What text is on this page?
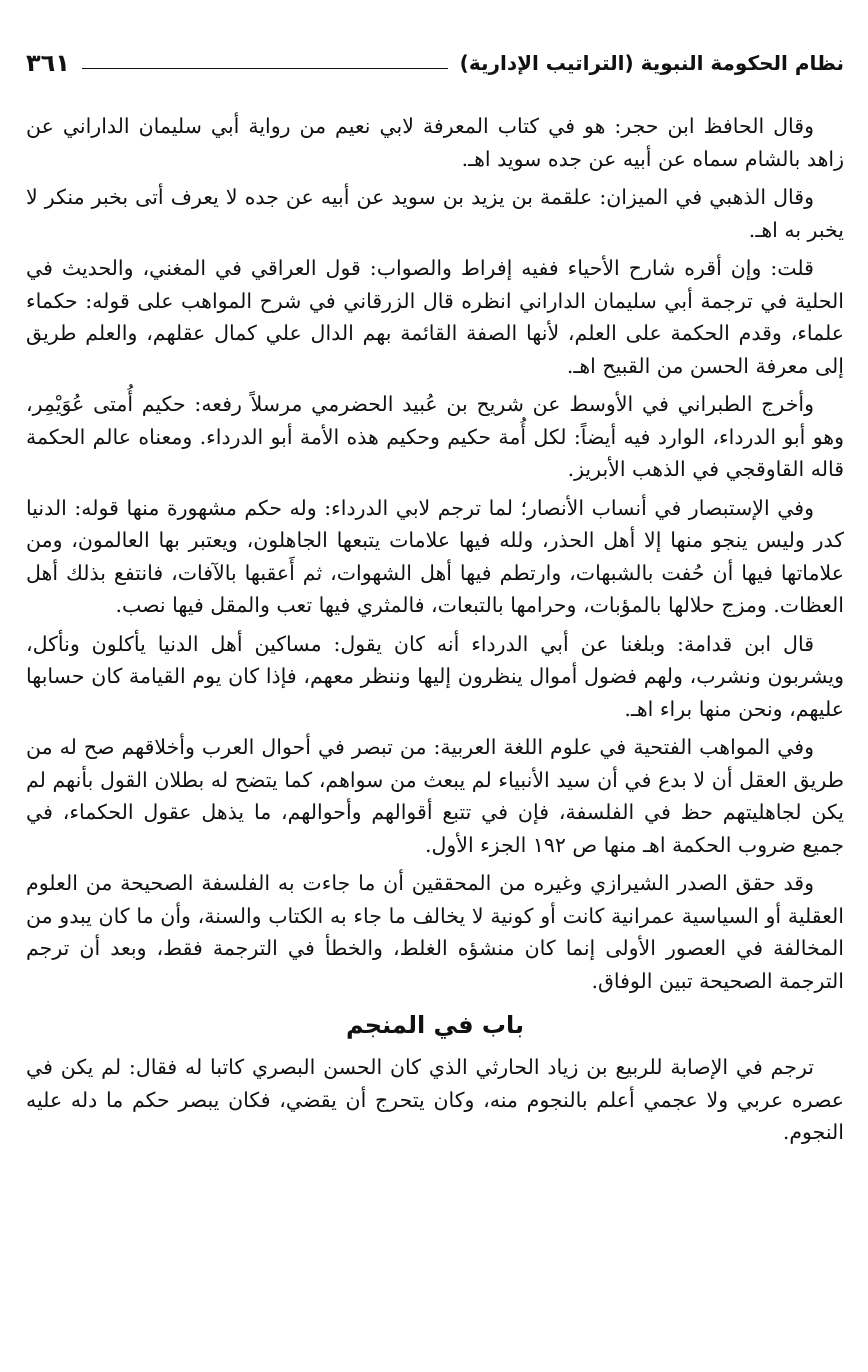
نظام الحكومة النبوية (التراتيب الإدارية)
٣٦١

وقال الحافظ ابن حجر: هو في كتاب المعرفة لابي نعيم من رواية أبي سليمان الداراني عن زاهد بالشام سماه عن أبيه عن جده سويد اهـ.

وقال الذهبي في الميزان: علقمة بن يزيد بن سويد عن أبيه عن جده لا يعرف أتى بخبر منكر لا يخبر به اهـ.

قلت: وإن أقره شارح الأحياء ففيه إفراط والصواب: قول العراقي في المغني، والحديث في الحلية في ترجمة أبي سليمان الداراني انظره قال الزرقاني في شرح المواهب على قوله: حكماء علماء، وقدم الحكمة على العلم، لأنها الصفة القائمة بهم الدال علي كمال عقلهم، والعلم طريق إلى معرفة الحسن من القبيح اهـ.

وأخرج الطبراني في الأوسط عن شريح بن عُبيد الحضرمي مرسلاً رفعه: حكيم أُمتى عُوَيْمِر، وهو أبو الدرداء، الوارد فيه أيضاً: لكل أُمة حكيم وحكيم هذه الأمة أبو الدرداء. ومعناه عالم الحكمة قاله القاوقجي في الذهب الأبريز.

وفي الإستبصار في أنساب الأنصار؛ لما ترجم لابي الدرداء: وله حكم مشهورة منها قوله: الدنيا كدر وليس ينجو منها إلا أهل الحذر، ولله فيها علامات يتبعها الجاهلون، ويعتبر بها العالمون، ومن علاماتها فيها أن حُفت بالشبهات، وارتطم فيها أهل الشهوات، ثم أَعقبها بالآفات، فانتفع بذلك أهل العظات. ومزج حلالها بالمؤبات، وحرامها بالتبعات، فالمثري فيها تعب والمقل فيها نصب.

قال ابن قدامة: وبلغنا عن أبي الدرداء أنه كان يقول: مساكين أهل الدنيا يأكلون ونأكل، ويشربون ونشرب، ولهم فضول أموال ينظرون إليها وننظر معهم، فإذا كان يوم القيامة كان حسابها عليهم، ونحن منها براء اهـ.

وفي المواهب الفتحية في علوم اللغة العربية: من تبصر في أحوال العرب وأخلاقهم صح له من طريق العقل أن لا بدع في أن سيد الأنبياء لم يبعث من سواهم، كما يتضح له بطلان القول بأنهم لم يكن لجاهليتهم حظ في الفلسفة، فإن في تتبع أقوالهم وأحوالهم، ما يذهل عقول الحكماء، في جميع ضروب الحكمة اهـ منها ص ١٩٢ الجزء الأول.

وقد حقق الصدر الشيرازي وغيره من المحققين أن ما جاءت به الفلسفة الصحيحة من العلوم العقلية أو السياسية عمرانية كانت أو كونية لا يخالف ما جاء به الكتاب والسنة، وأن ما كان يبدو من المخالفة في العصور الأولى إنما كان منشؤه الغلط، والخطأ في الترجمة فقط، وبعد أن ترجم الترجمة الصحيحة تبين الوفاق.

باب في المنجم

ترجم في الإصابة للربيع بن زياد الحارثي الذي كان الحسن البصري كاتبا له فقال: لم يكن في عصره عربي ولا عجمي أعلم بالنجوم منه، وكان يتحرج أن يقضي، فكان يبصر حكم ما دله عليه النجوم.
